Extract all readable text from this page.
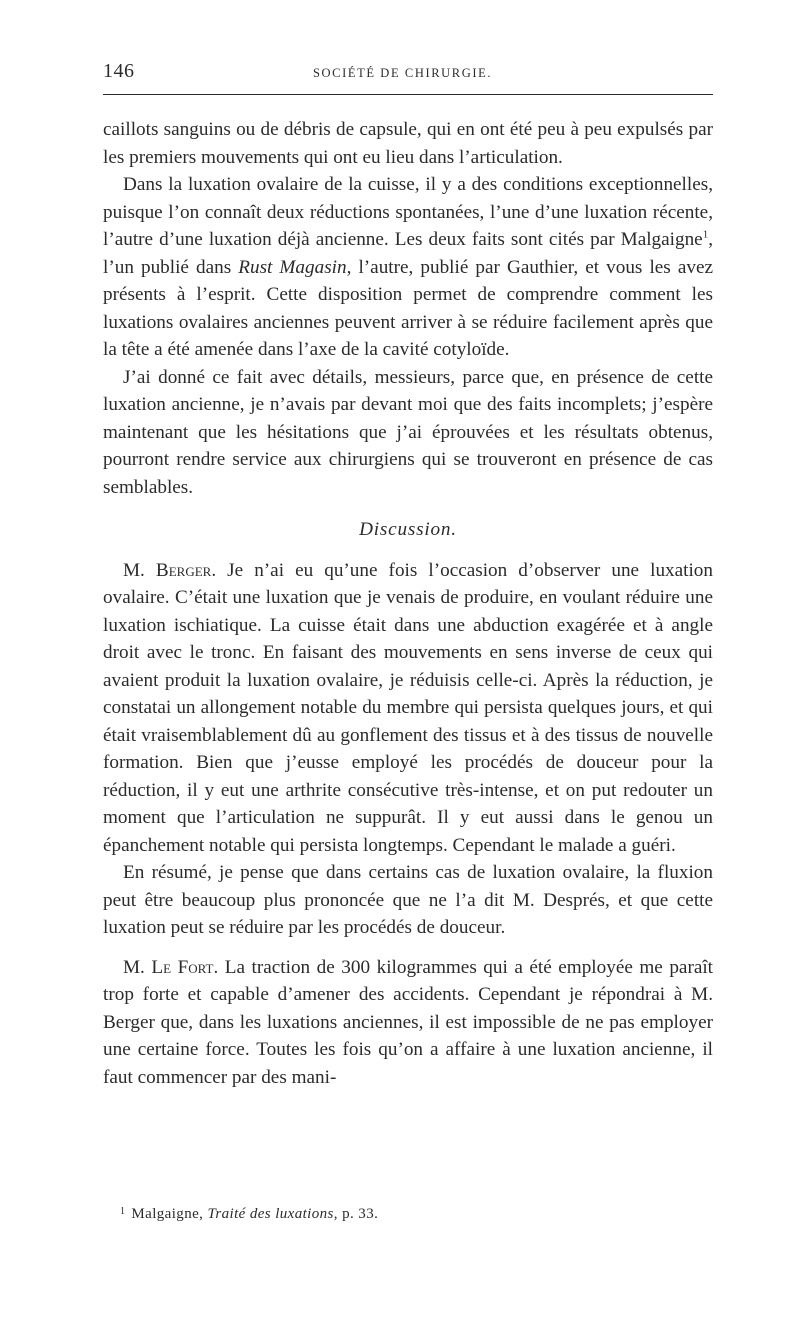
146	SOCIÉTÉ DE CHIRURGIE.

caillots sanguins ou de débris de capsule, qui en ont été peu à peu expulsés par les premiers mouvements qui ont eu lieu dans l’articulation.

Dans la luxation ovalaire de la cuisse, il y a des conditions exceptionnelles, puisque l’on connaît deux réductions spontanées, l’une d’une luxation récente, l’autre d’une luxation déjà ancienne. Les deux faits sont cités par Malgaigne$^1$, l’un publié dans Rust Magasin, l’autre, publié par Gauthier, et vous les avez présents à l’esprit. Cette disposition permet de comprendre comment les luxations ovalaires anciennes peuvent arriver à se réduire facilement après que la tête a été amenée dans l’axe de la cavité cotyloïde.

J’ai donné ce fait avec détails, messieurs, parce que, en présence de cette luxation ancienne, je n’avais par devant moi que des faits incomplets; j’espère maintenant que les hésitations que j’ai éprouvées et les résultats obtenus, pourront rendre service aux chirurgiens qui se trouveront en présence de cas semblables.

Discussion.

M. Berger. Je n’ai eu qu’une fois l’occasion d’observer une luxation ovalaire. C’était une luxation que je venais de produire, en voulant réduire une luxation ischiatique. La cuisse était dans une abduction exagérée et à angle droit avec le tronc. En faisant des mouvements en sens inverse de ceux qui avaient produit la luxation ovalaire, je réduisis celle-ci. Après la réduction, je constatai un allongement notable du membre qui persista quelques jours, et qui était vraisemblablement dû au gonflement des tissus et à des tissus de nouvelle formation. Bien que j’eusse employé les procédés de douceur pour la réduction, il y eut une arthrite consécutive très-intense, et on put redouter un moment que l’articulation ne suppurât. Il y eut aussi dans le genou un épanchement notable qui persista longtemps. Cependant le malade a guéri.

En résumé, je pense que dans certains cas de luxation ovalaire, la fluxion peut être beaucoup plus prononcée que ne l’a dit M. Després, et que cette luxation peut se réduire par les procédés de douceur.

M. Le Fort. La traction de 300 kilogrammes qui a été employée me paraît trop forte et capable d’amener des accidents. Cependant je répondrai à M. Berger que, dans les luxations anciennes, il est impossible de ne pas employer une certaine force. Toutes les fois qu’on a affaire à une luxation ancienne, il faut commencer par des mani-

$^1$ Malgaigne, Traité des luxations, p. 33.
